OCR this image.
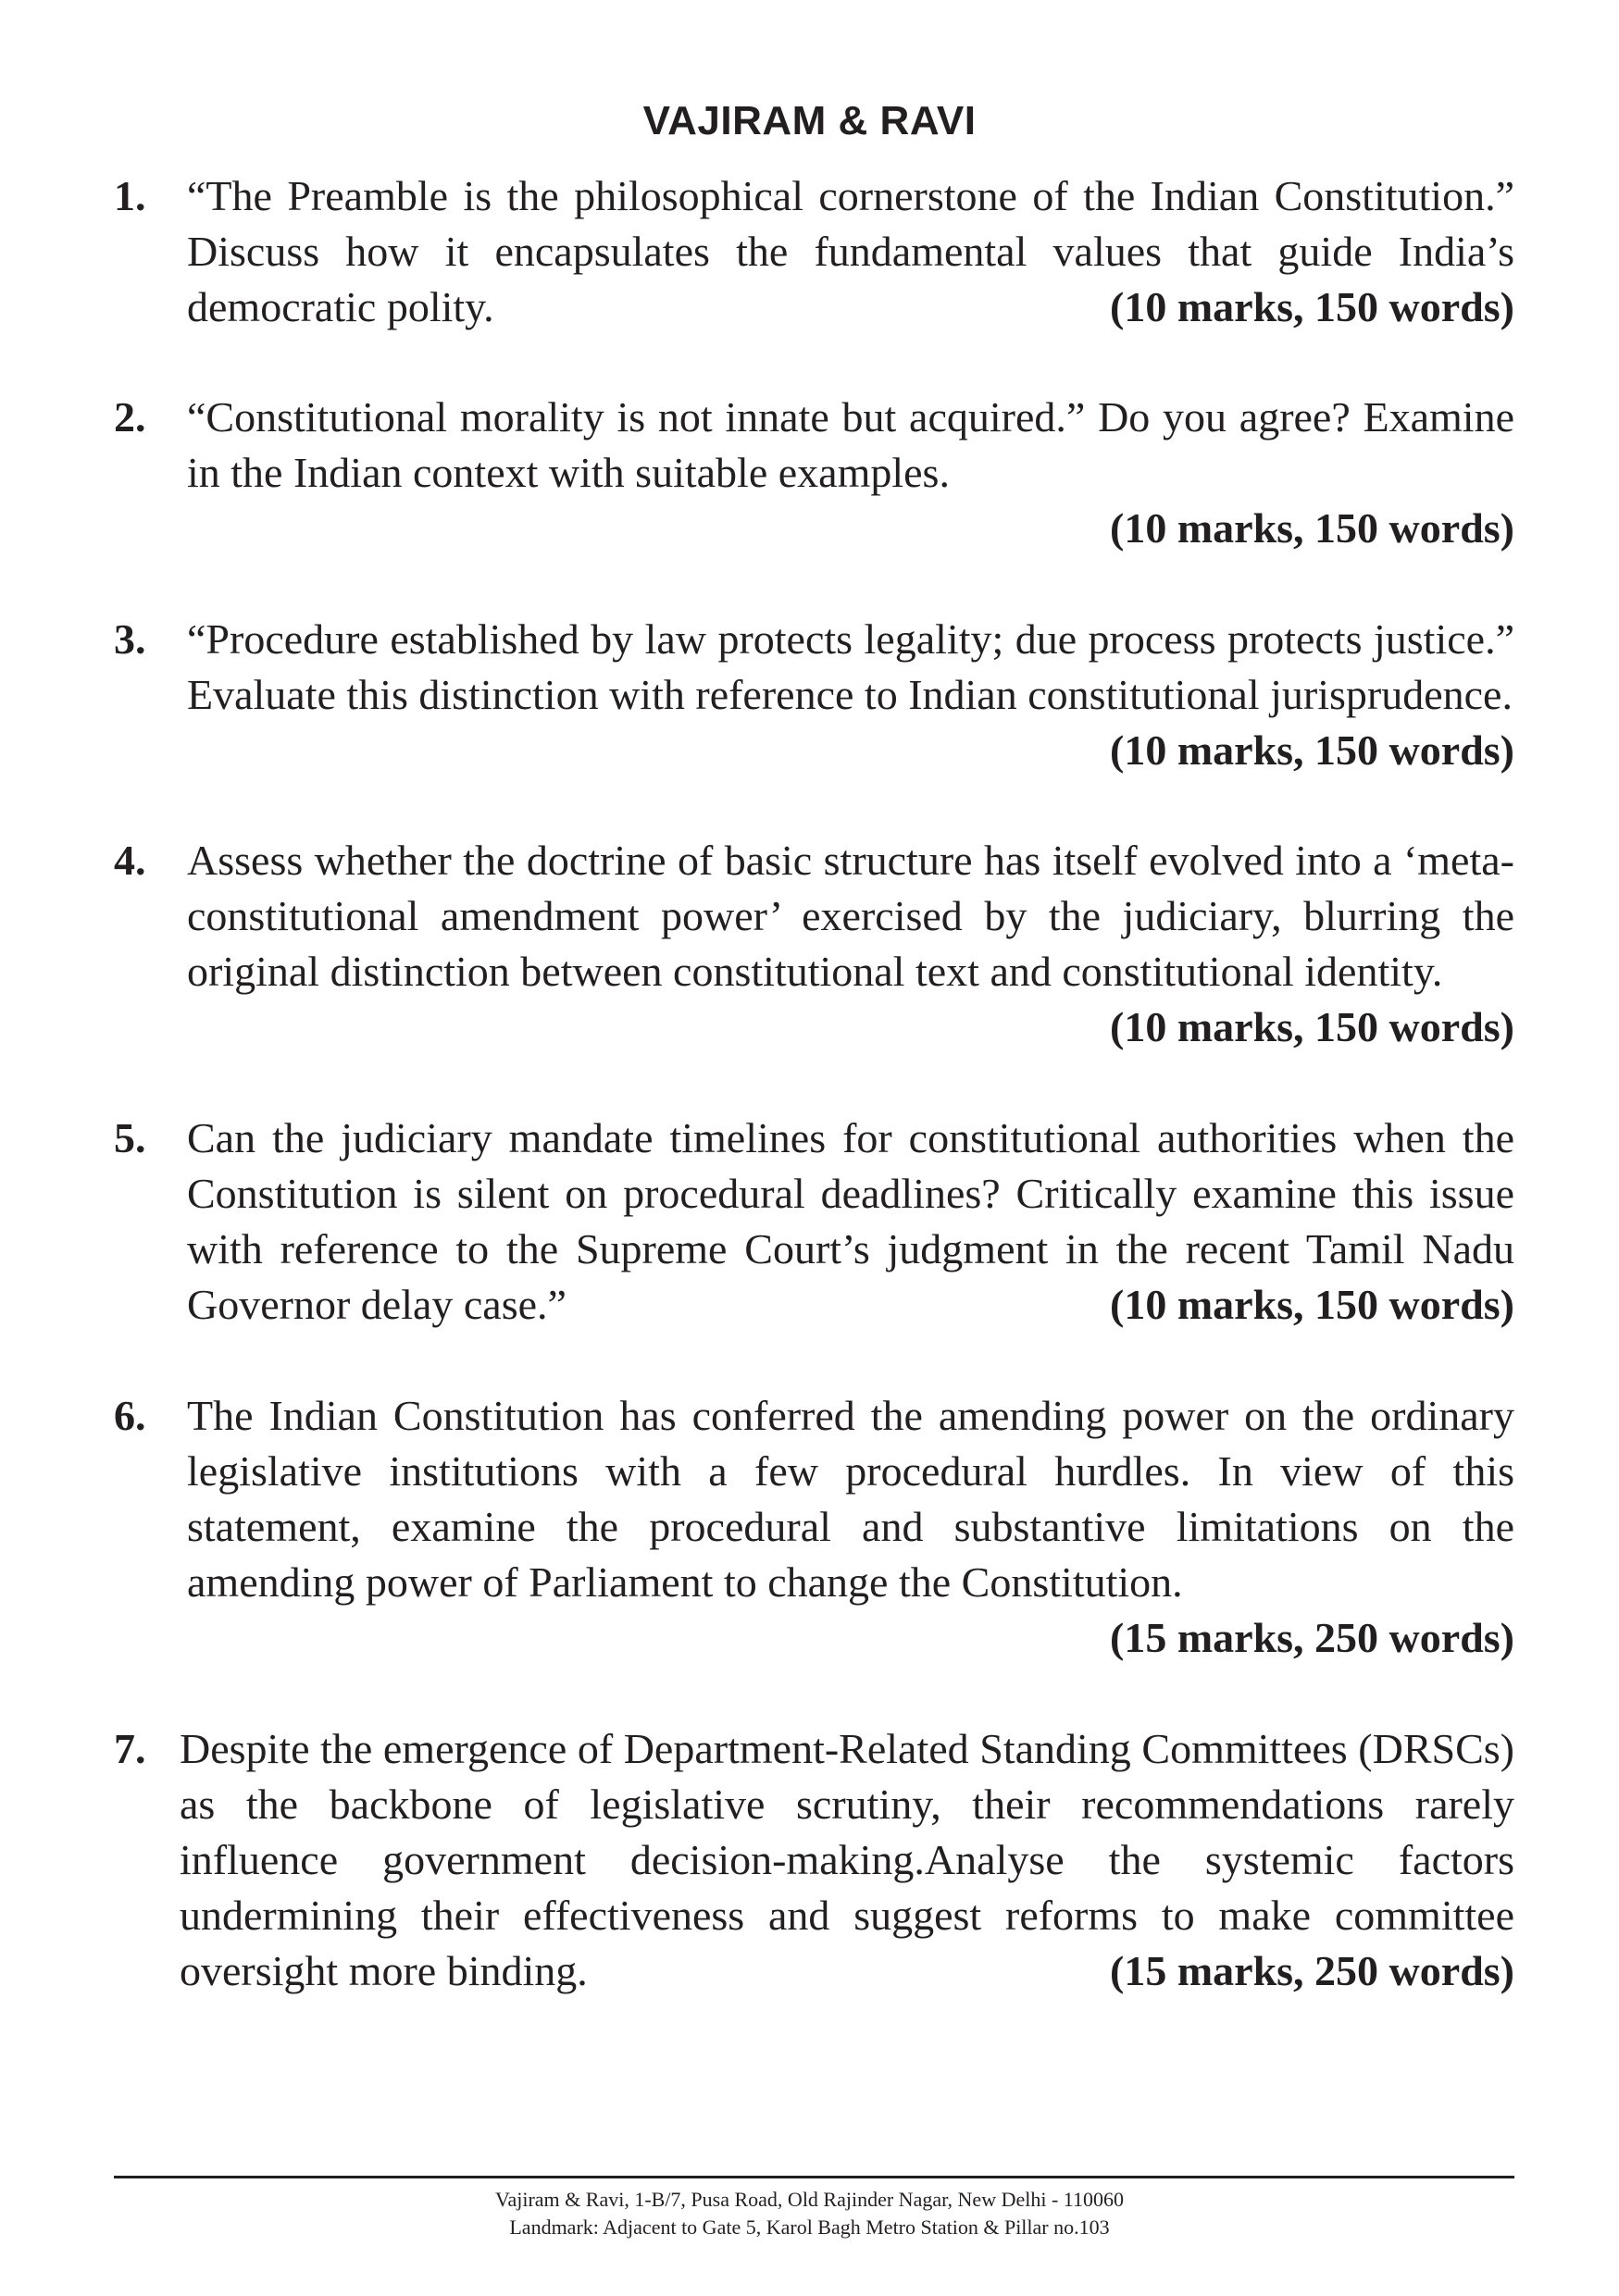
VAJIRAM & RAVI
1. “The Preamble is the philosophical cornerstone of the Indian Constitution.” Discuss how it encapsulates the fundamental values that guide India’s democratic polity.	(10 marks, 150 words)
2. “Constitutional morality is not innate but acquired.” Do you agree? Examine in the Indian context with suitable examples.
(10 marks, 150 words)
3. “Procedure established by law protects legality; due process protects justice.” Evaluate this distinction with reference to Indian constitutional jurisprudence.
(10 marks, 150 words)
4. Assess whether the doctrine of basic structure has itself evolved into a ‘meta-constitutional amendment power’ exercised by the judiciary, blurring the original distinction between constitutional text and constitutional identity.
(10 marks, 150 words)
5. Can the judiciary mandate timelines for constitutional authorities when the Constitution is silent on procedural deadlines? Critically examine this issue with reference to the Supreme Court’s judgment in the recent Tamil Nadu Governor delay case.”	(10 marks, 150 words)
6. The Indian Constitution has conferred the amending power on the ordinary legislative institutions with a few procedural hurdles. In view of this statement, examine the procedural and substantive limitations on the amending power of Parliament to change the Constitution.
(15 marks, 250 words)
7. Despite the emergence of Department-Related Standing Committees (DRSCs) as the backbone of legislative scrutiny, their recommendations rarely influence government decision-making.Analyse the systemic factors undermining their effectiveness and suggest reforms to make committee oversight more binding.	(15 marks, 250 words)
Vajiram & Ravi, 1-B/7, Pusa Road, Old Rajinder Nagar, New Delhi - 110060
Landmark: Adjacent to Gate 5, Karol Bagh Metro Station & Pillar no.103
